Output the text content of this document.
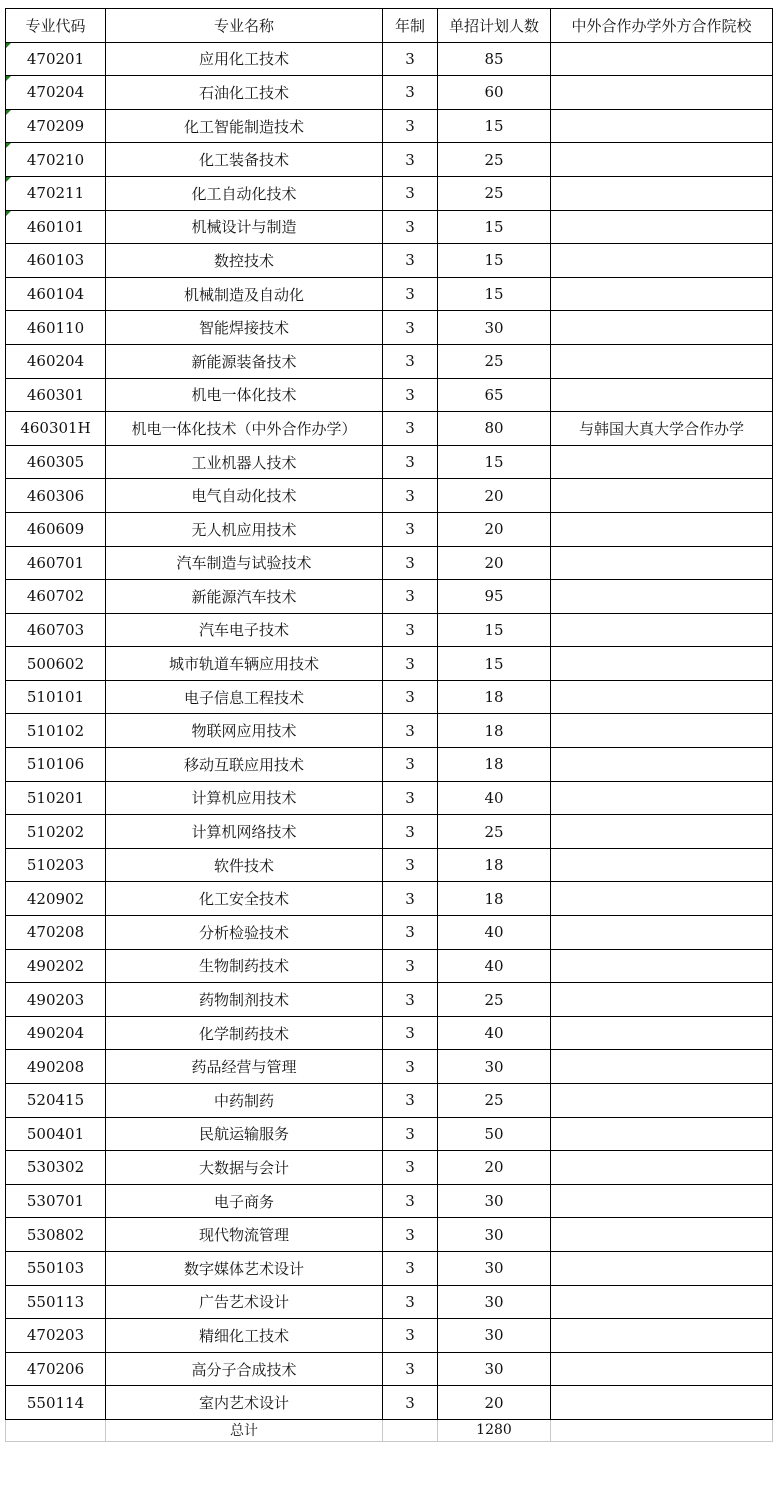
专业代码	专业名称	年制	单招计划人数	中外合作办学外方合作院校
470201	应用化工技术	3	85	
470204	石油化工技术	3	60	
470209	化工智能制造技术	3	15	
470210	化工装备技术	3	25	
470211	化工自动化技术	3	25	
460101	机械设计与制造	3	15	
460103	数控技术	3	15	
460104	机械制造及自动化	3	15	
460110	智能焊接技术	3	30	
460204	新能源装备技术	3	25	
460301	机电一体化技术	3	65	
460301H	机电一体化技术（中外合作办学）	3	80	与韩国大真大学合作办学
460305	工业机器人技术	3	15	
460306	电气自动化技术	3	20	
460609	无人机应用技术	3	20	
460701	汽车制造与试验技术	3	20	
460702	新能源汽车技术	3	95	
460703	汽车电子技术	3	15	
500602	城市轨道车辆应用技术	3	15	
510101	电子信息工程技术	3	18	
510102	物联网应用技术	3	18	
510106	移动互联应用技术	3	18	
510201	计算机应用技术	3	40	
510202	计算机网络技术	3	25	
510203	软件技术	3	18	
420902	化工安全技术	3	18	
470208	分析检验技术	3	40	
490202	生物制药技术	3	40	
490203	药物制剂技术	3	25	
490204	化学制药技术	3	40	
490208	药品经营与管理	3	30	
520415	中药制药	3	25	
500401	民航运输服务	3	50	
530302	大数据与会计	3	20	
530701	电子商务	3	30	
530802	现代物流管理	3	30	
550103	数字媒体艺术设计	3	30	
550113	广告艺术设计	3	30	
470203	精细化工技术	3	30	
470206	高分子合成技术	3	30	
550114	室内艺术设计	3	20	
	总计		1280	
